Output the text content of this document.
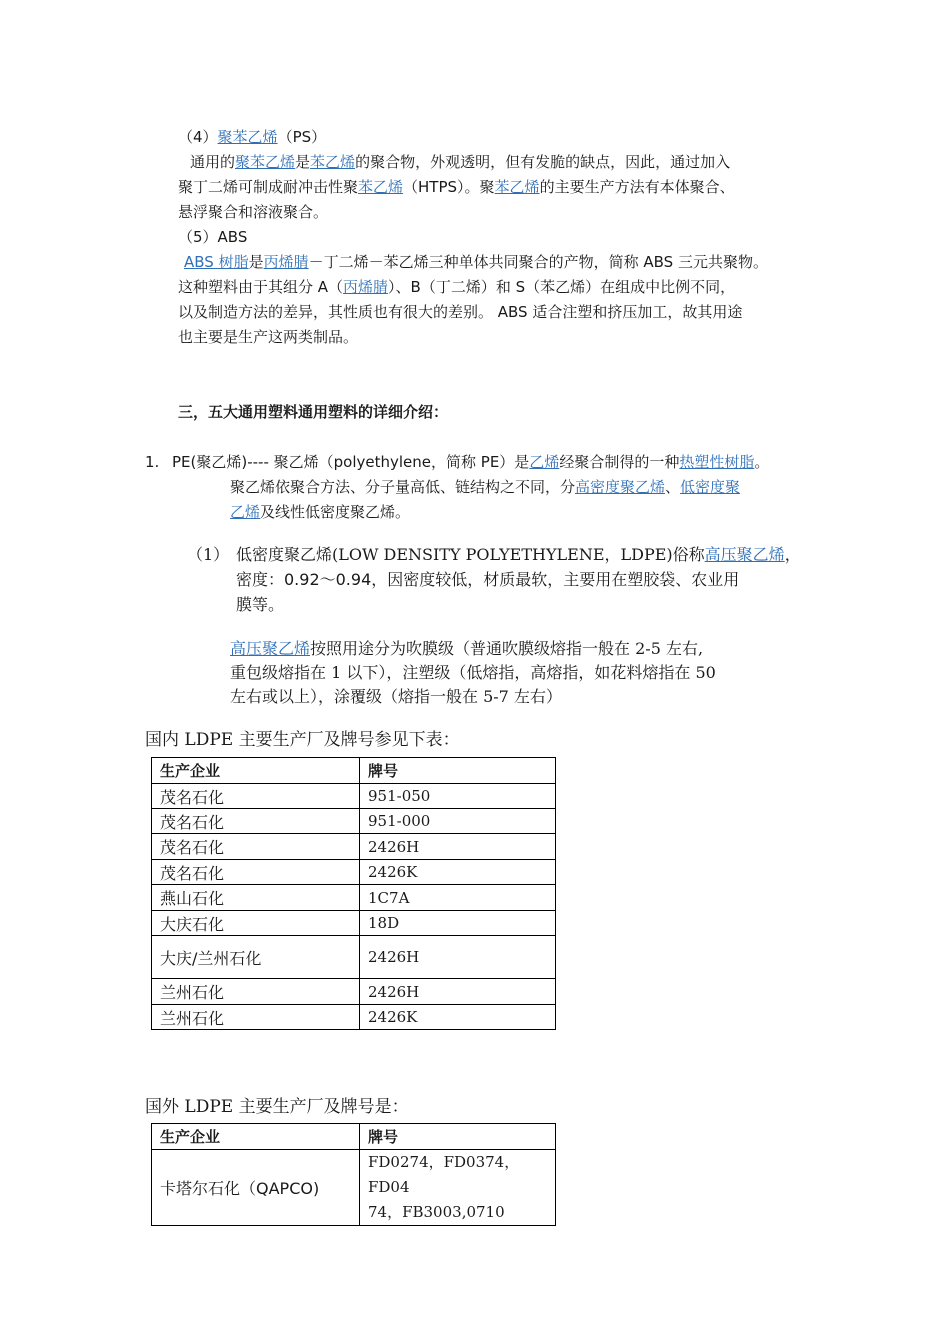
（4）聚苯乙烯（PS）
通用的聚苯乙烯是苯乙烯的聚合物，外观透明，但有发脆的缺点，因此，通过加入
聚丁二烯可制成耐冲击性聚苯乙烯（HTPS）。聚苯乙烯的主要生产方法有本体聚合、
悬浮聚合和溶液聚合。
（5）ABS
ABS 树脂是丙烯腈－丁二烯－苯乙烯三种单体共同聚合的产物，简称 ABS 三元共聚物。
这种塑料由于其组分 A（丙烯腈）、B（丁二烯）和 S（苯乙烯）在组成中比例不同，
以及制造方法的差异，其性质也有很大的差别。 ABS 适合注塑和挤压加工，故其用途
也主要是生产这两类制品。
三，五大通用塑料通用塑料的详细介绍：
1. PE(聚乙烯)---- 聚乙烯（polyethylene，简称 PE）是乙烯经聚合制得的一种热塑性树脂。
聚乙烯依聚合方法、分子量高低、链结构之不同，分高密度聚乙烯、低密度聚
乙烯及线性低密度聚乙烯。
（1） 低密度聚乙烯(LOW DENSITY POLYETHYLENE，LDPE)俗称高压聚乙烯，
密度：0.92～0.94，因密度较低，材质最软，主要用在塑胶袋、农业用
膜等。
高压聚乙烯按照用途分为吹膜级（普通吹膜级熔指一般在 2-5 左右,
重包级熔指在 1 以下），注塑级（低熔指，高熔指，如花料熔指在 50
左右或以上），涂覆级（熔指一般在 5-7 左右）
国内 LDPE 主要生产厂及牌号参见下表：
生产企业	牌号
茂名石化	951-050
茂名石化	951-000
茂名石化	2426H
茂名石化	2426K
燕山石化	1C7A
大庆石化	18D
大庆/兰州石化	2426H
兰州石化	2426H
兰州石化	2426K
国外 LDPE 主要生产厂及牌号是：
生产企业	牌号
卡塔尔石化（QAPCO)	FD0274，FD0374，FD04
74，FB3003,0710
